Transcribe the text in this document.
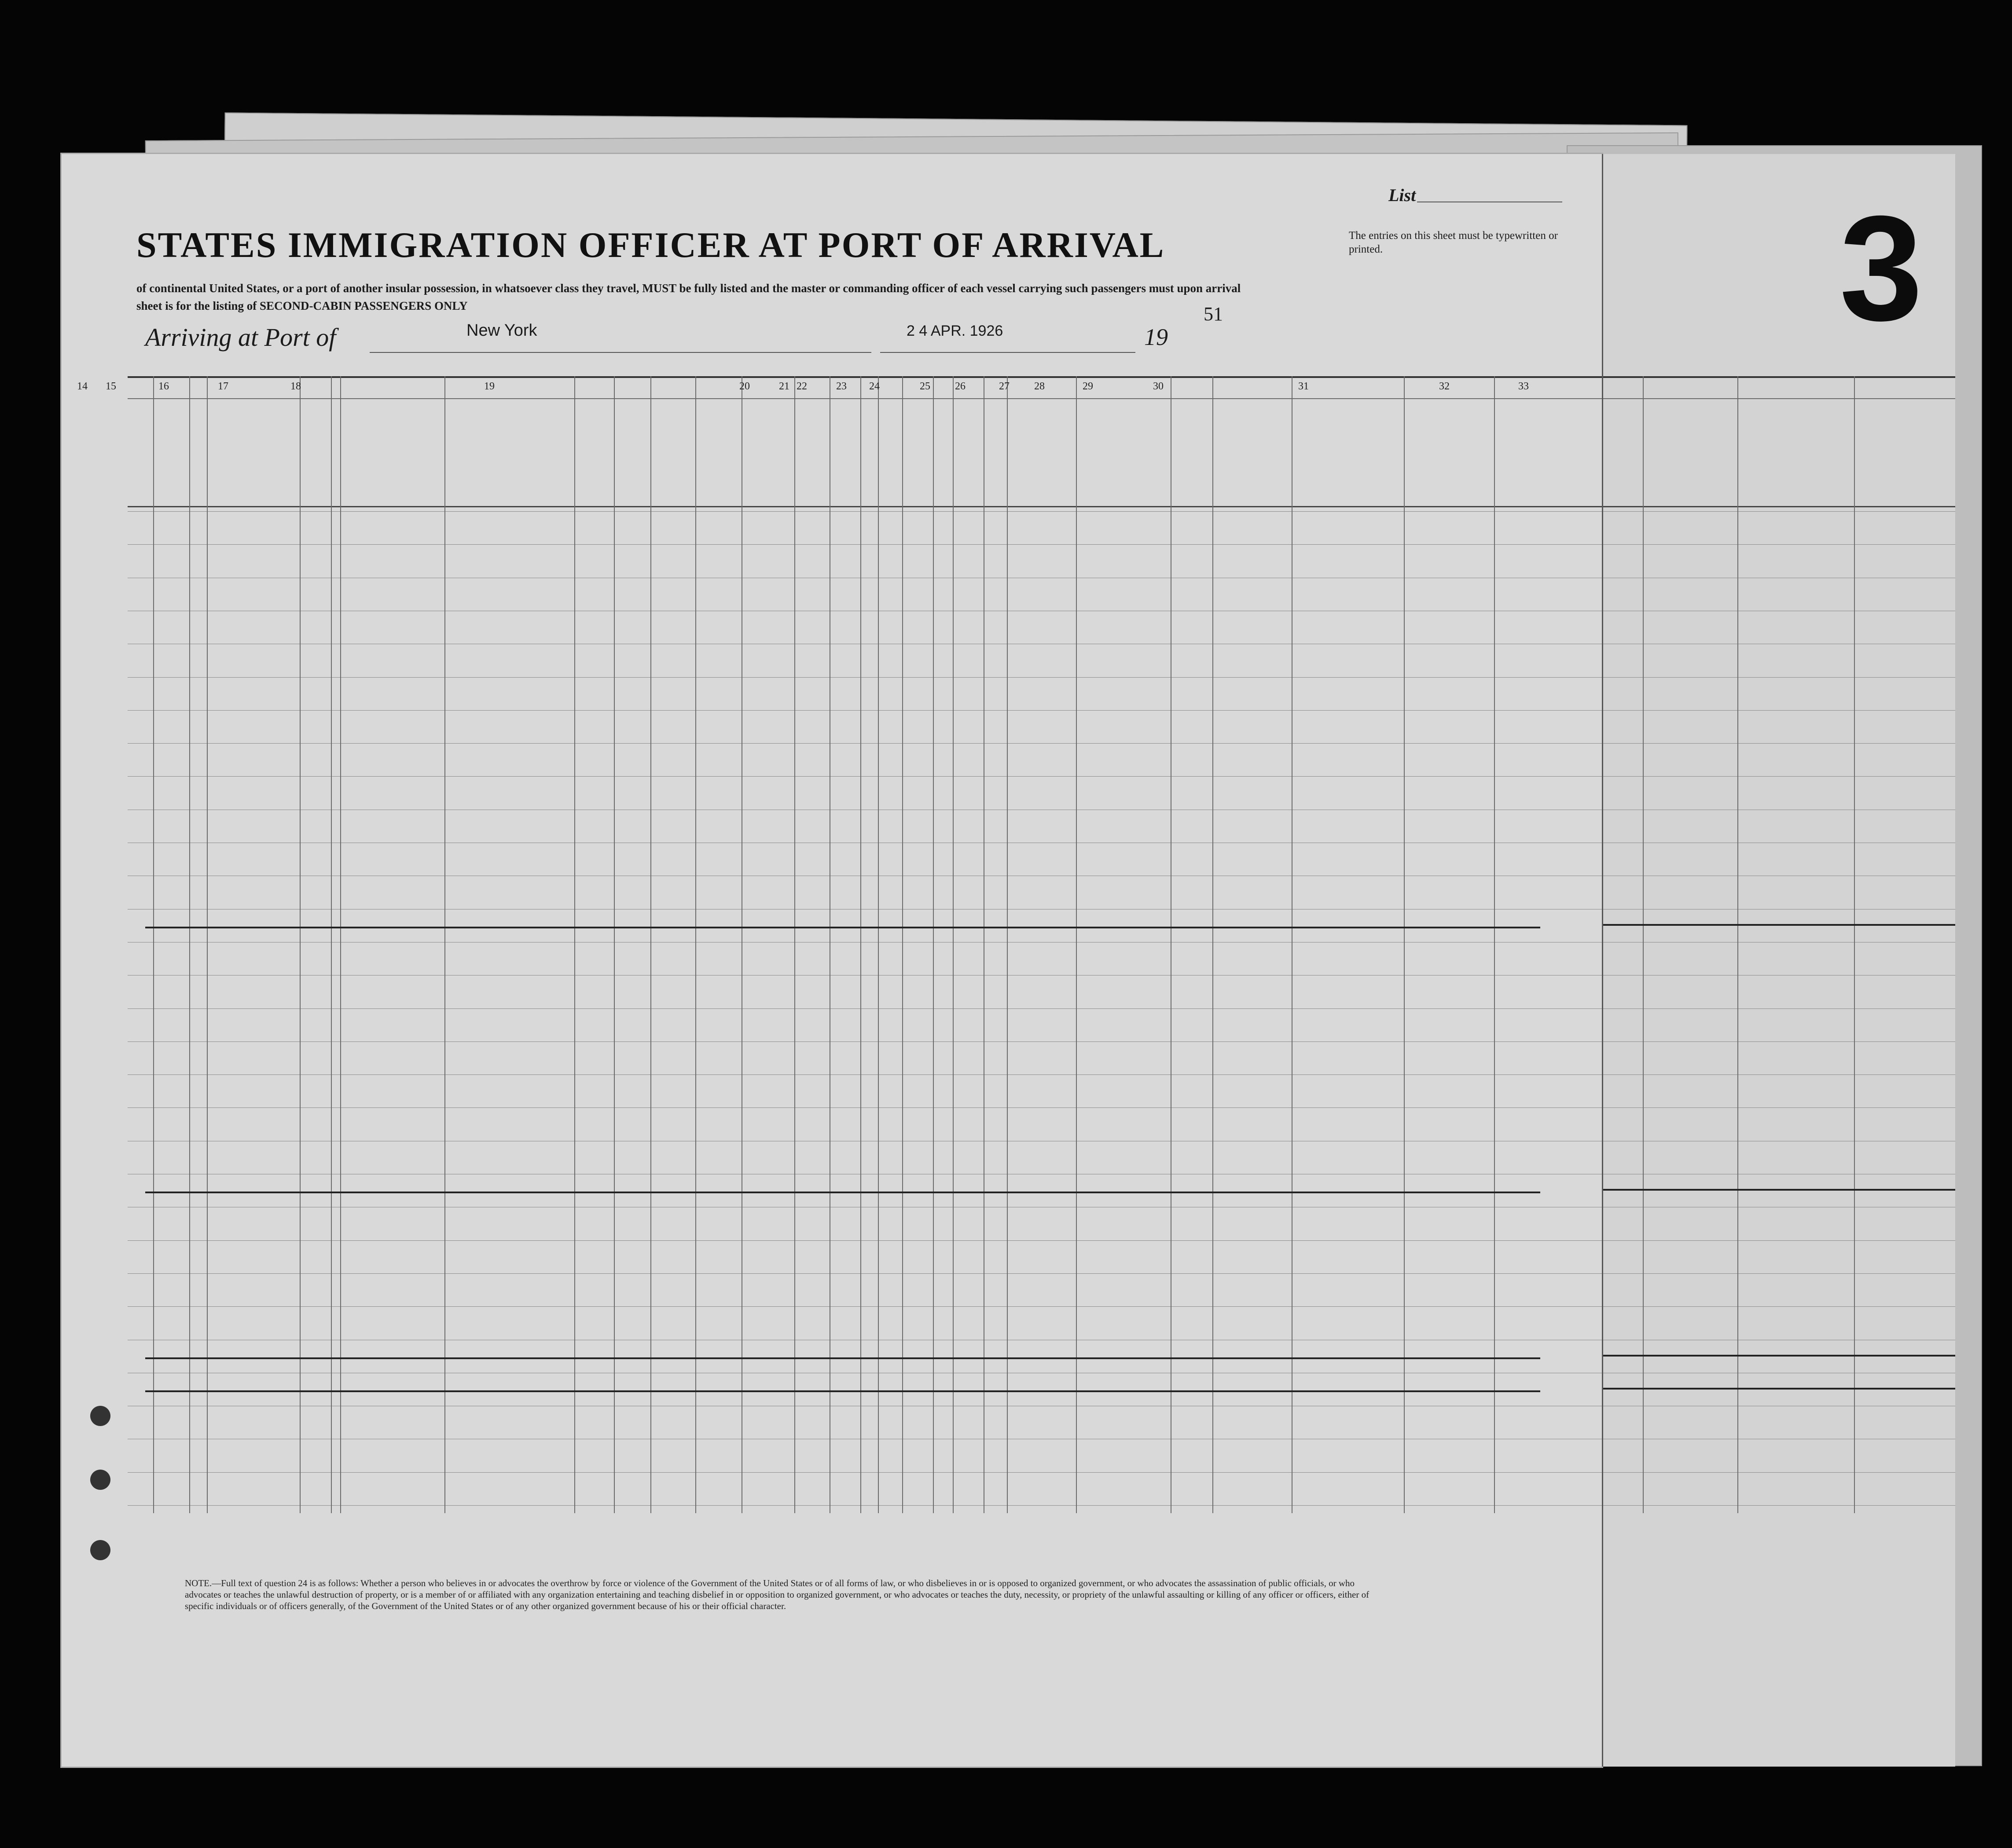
STATES IMMIGRATION OFFICER AT PORT OF ARRIVAL
of continental United States, or a port of another insular possession, in whatsoever class they travel, MUST be fully listed and the master or commanding officer of each vessel carrying such passengers must upon arrival
sheet is for the listing of SECOND-CABIN PASSENGERS ONLY
Arriving at Port of	New York	2 4 APR. 1926	19
List
51
The entries on this sheet must be typewritten or printed.
14 15	16	17	18	19	20	21 22	23 24	25 26	27 28	29	30	31	32	33
NOTE.—Full text of question 24 is as follows: Whether a person who believes in or advocates the overthrow by force or violence of the Government of the United States or of all forms of law, or who disbelieves in or is opposed to organized government, or who advocates the assassination of public officials, or who advocates or teaches the unlawful destruction of property, or is a member of or affiliated with any organization entertaining and teaching disbelief in or opposition to organized government, or who advocates or teaches the duty, necessity, or propriety of the unlawful assaulting or killing of any officer or officers, either of specific individuals or of officers generally, of the Government of the United States or of any other organized government because of his or their official character.
3
